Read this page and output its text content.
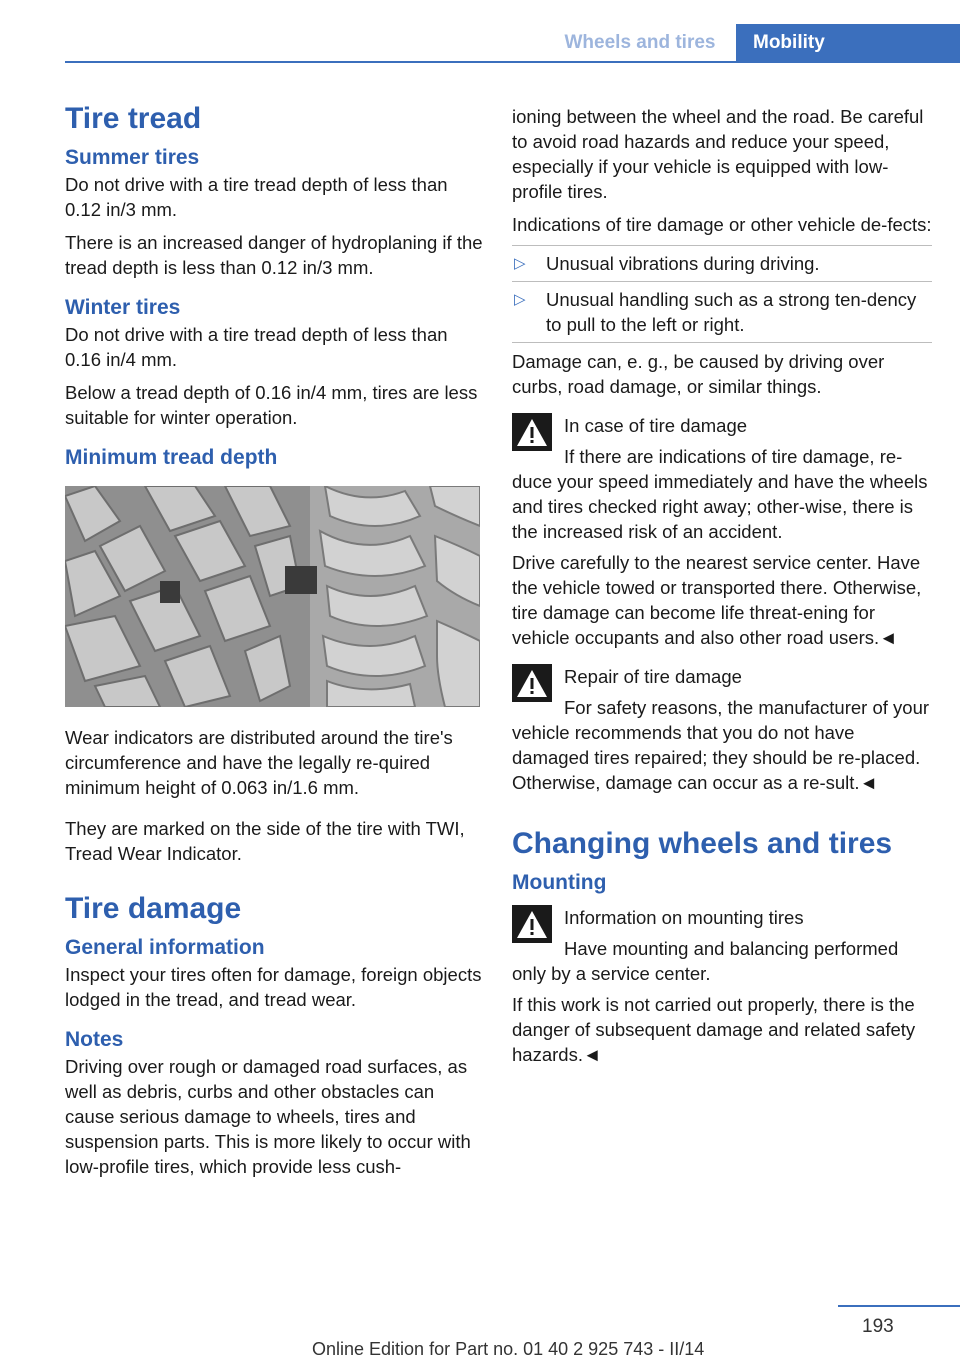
Wheels and tires	Mobility
Tire tread
Summer tires

Do not drive with a tire tread depth of less than 0.12 in/3 mm.

There is an increased danger of hydroplaning if the tread depth is less than 0.12 in/3 mm.

Winter tires

Do not drive with a tire tread depth of less than 0.16 in/4 mm.

Below a tread depth of 0.16 in/4 mm, tires are less suitable for winter operation.

Minimum tread depth

Wear indicators are distributed around the tire's circumference and have the legally re‐quired minimum height of 0.063 in/1.6 mm.

They are marked on the side of the tire with TWI, Tread Wear Indicator.

Tire damage
General information

Inspect your tires often for damage, foreign objects lodged in the tread, and tread wear.

Notes

Driving over rough or damaged road surfaces, as well as debris, curbs and other obstacles can cause serious damage to wheels, tires and suspension parts. This is more likely to occur with low-profile tires, which provide less cush‐

ioning between the wheel and the road. Be careful to avoid road hazards and reduce your speed, especially if your vehicle is equipped with low-profile tires.

Indications of tire damage or other vehicle de‐fects:

▷ Unusual vibrations during driving.
▷ Unusual handling such as a strong ten‐dency to pull to the left or right.

Damage can, e. g., be caused by driving over curbs, road damage, or similar things.

In case of tire damage

If there are indications of tire damage, re‐duce your speed immediately and have the wheels and tires checked right away; other‐wise, there is the increased risk of an accident.

Drive carefully to the nearest service center. Have the vehicle towed or transported there. Otherwise, tire damage can become life threat‐ening for vehicle occupants and also other road users.◄

Repair of tire damage

For safety reasons, the manufacturer of your vehicle recommends that you do not have damaged tires repaired; they should be re‐placed. Otherwise, damage can occur as a re‐sult.◄

Changing wheels and tires
Mounting

Information on mounting tires

Have mounting and balancing performed only by a service center.

If this work is not carried out properly, there is the danger of subsequent damage and related safety hazards.◄

193
Online Edition for Part no. 01 40 2 925 743 - II/14
